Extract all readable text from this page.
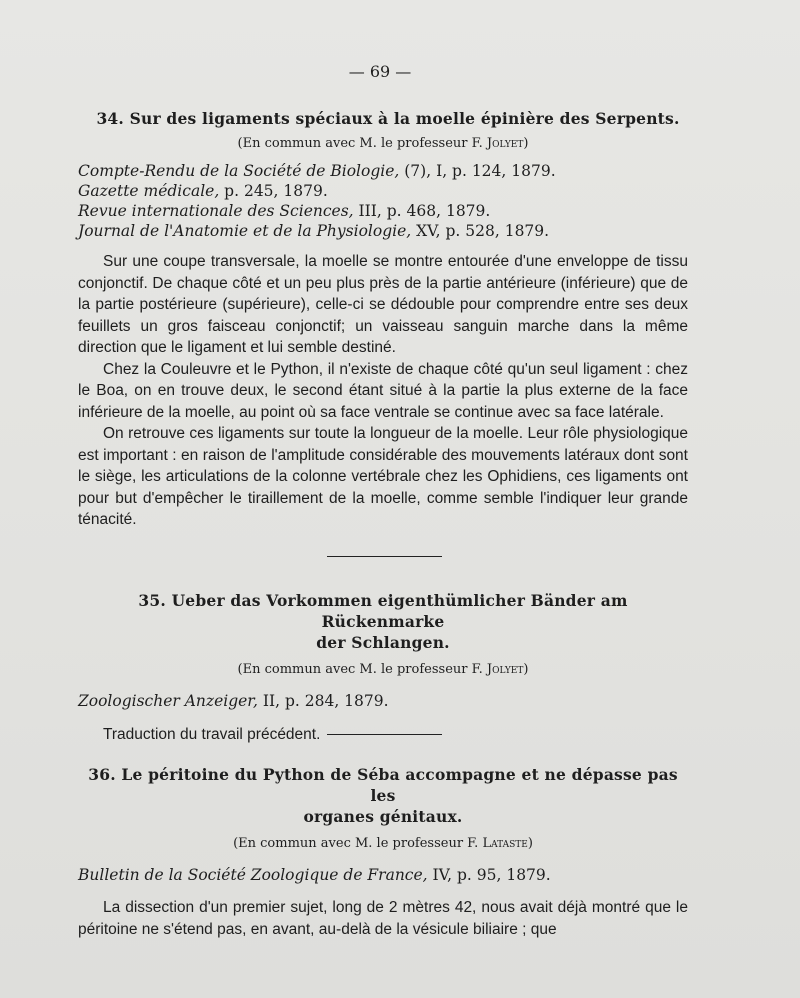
— 69 —
34. Sur des ligaments spéciaux à la moelle épinière des Serpents.
(En commun avec M. le professeur F. Jolyet)
Compte-Rendu de la Société de Biologie, (7), I, p. 124, 1879.
Gazette médicale, p. 245, 1879.
Revue internationale des Sciences, III, p. 468, 1879.
Journal de l'Anatomie et de la Physiologie, XV, p. 528, 1879.

Sur une coupe transversale, la moelle se montre entourée d'une enveloppe de tissu conjonctif. De chaque côté et un peu plus près de la partie antérieure (inférieure) que de la partie postérieure (supérieure), celle-ci se dédouble pour comprendre entre ses deux feuillets un gros faisceau conjonctif; un vaisseau sanguin marche dans la même direction que le ligament et lui semble destiné.

Chez la Couleuvre et le Python, il n'existe de chaque côté qu'un seul ligament : chez le Boa, on en trouve deux, le second étant situé à la partie la plus externe de la face inférieure de la moelle, au point où sa face ventrale se continue avec sa face latérale.

On retrouve ces ligaments sur toute la longueur de la moelle. Leur rôle physiologique est important : en raison de l'amplitude considérable des mouvements latéraux dont sont le siège, les articulations de la colonne vertébrale chez les Ophidiens, ces ligaments ont pour but d'empêcher le tiraillement de la moelle, comme semble l'indiquer leur grande ténacité.

35. Ueber das Vorkommen eigenthümlicher Bänder am Rückenmarke
der Schlangen.
(En commun avec M. le professeur F. Jolyet)
Zoologischer Anzeiger, II, p. 284, 1879.

Traduction du travail précédent.

36. Le péritoine du Python de Séba accompagne et ne dépasse pas les
organes génitaux.
(En commun avec M. le professeur F. Lataste)
Bulletin de la Société Zoologique de France, IV, p. 95, 1879.

La dissection d'un premier sujet, long de 2 mètres 42, nous avait déjà montré que le péritoine ne s'étend pas, en avant, au-delà de la vésicule biliaire ; que
